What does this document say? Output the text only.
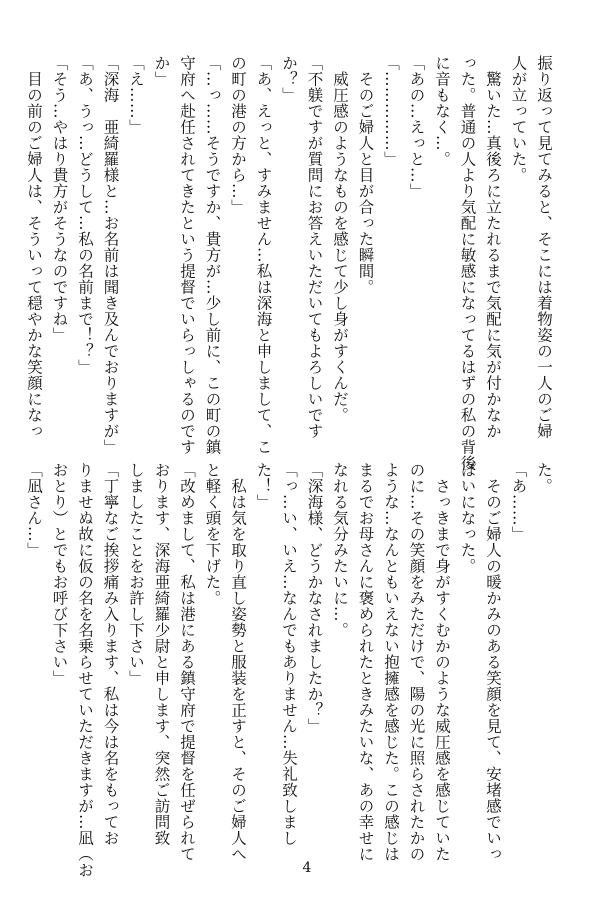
振り返って見てみると、そこには着物姿の一人のご婦
人が立っていた。
　驚いた…真後ろに立たれるまで気配に気が付かなか
った。普通の人より気配に敏感になってるはずの私の背後
に音もなく…。
「あの…えっと…」
「……………」
　そのご婦人と目が合った瞬間。
　威圧感のようなものを感じて少し身がすくんだ。
「不躾ですが質問にお答えいただいてもよろしいです
か？」
「あ、えっと、すみません…私は深海と申しまして、こ
の町の港の方から…」
「…っ……そうですか、貴方が…少し前に、この町の鎮
守府へ赴任されてきたという提督でいらっしゃるのです
か」
「え……」
「深海　亜綺羅様と…お名前は聞き及んでおりますが」
「あ、うっ…どうして…私の名前まで！？」
「そう…やはり貴方がそうなのですね」
　目の前のご婦人は、そういって穏やかな笑顔になっ
た。
「あ……」
　そのご婦人の暖かみのある笑顔を見て、安堵感でいっ
ぱいになった。
　さっきまで身がすくむかのような威圧感を感じていた
のに…その笑顔をみただけで、陽の光に照らされたかの
ような…なんともいえない抱擁感を感じた。この感じは
まるでお母さんに褒められたときみたいな、あの幸せに
なれる気分みたいに…。
「深海様、どうかなされましたか？」
「っ…い、いえ…なんでもありません…失礼致しまし
た！」
　私は気を取り直し姿勢と服装を正すと、そのご婦人へ
と軽く頭を下げた。
「改めまして、私は港にある鎮守府で提督を任ぜられて
おります、深海亜綺羅少尉と申します、突然ご訪問致
しましたことをお許し下さい」
「丁寧なご挨拶痛み入ります、私は今は名をもってお
りませぬ故に仮の名を名乗らせていただきますが…凪（お
おとり）とでもお呼び下さい」
「凪さん…」
4
